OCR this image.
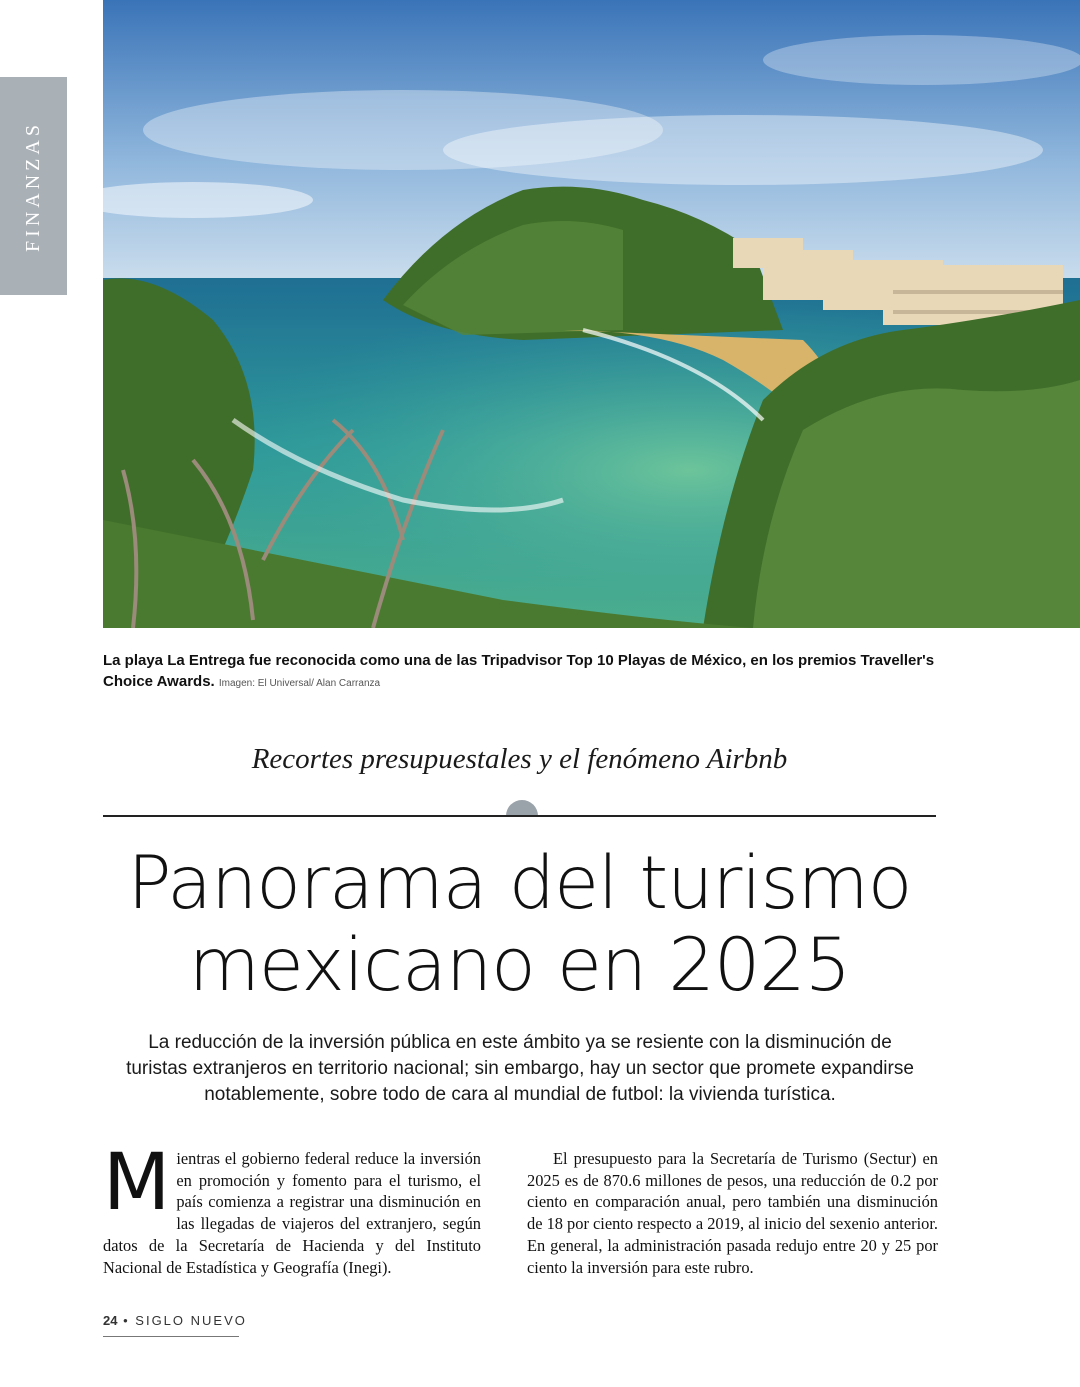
FINANZAS
La playa La Entrega fue reconocida como una de las Tripadvisor Top 10 Playas de México, en los premios Traveller's Choice Awards. Imagen: El Universal/ Alan Carranza
Recortes presupuestales y el fenómeno Airbnb
Panorama del turismo
mexicano en 2025
La reducción de la inversión pública en este ámbito ya se resiente con la disminución de turistas extranjeros en territorio nacional; sin embargo, hay un sector que promete expandirse notablemente, sobre todo de cara al mundial de futbol: la vivienda turística.
M ientras el gobierno federal reduce la inversión en promoción y fomento para el turismo, el país comienza a registrar una disminución en las llegadas de viajeros del extranjero, según datos de la Secretaría de Hacienda y del Instituto Nacional de Estadística y Geografía (Inegi).
El presupuesto para la Secretaría de Turismo (Sectur) en 2025 es de 870.6 millones de pesos, una reducción de 0.2 por ciento en comparación anual, pero también una disminución de 18 por ciento respecto a 2019, al inicio del sexenio anterior. En general, la administración pasada redujo entre 20 y 25 por ciento la inversión para este rubro.
24 • SIGLO NUEVO
